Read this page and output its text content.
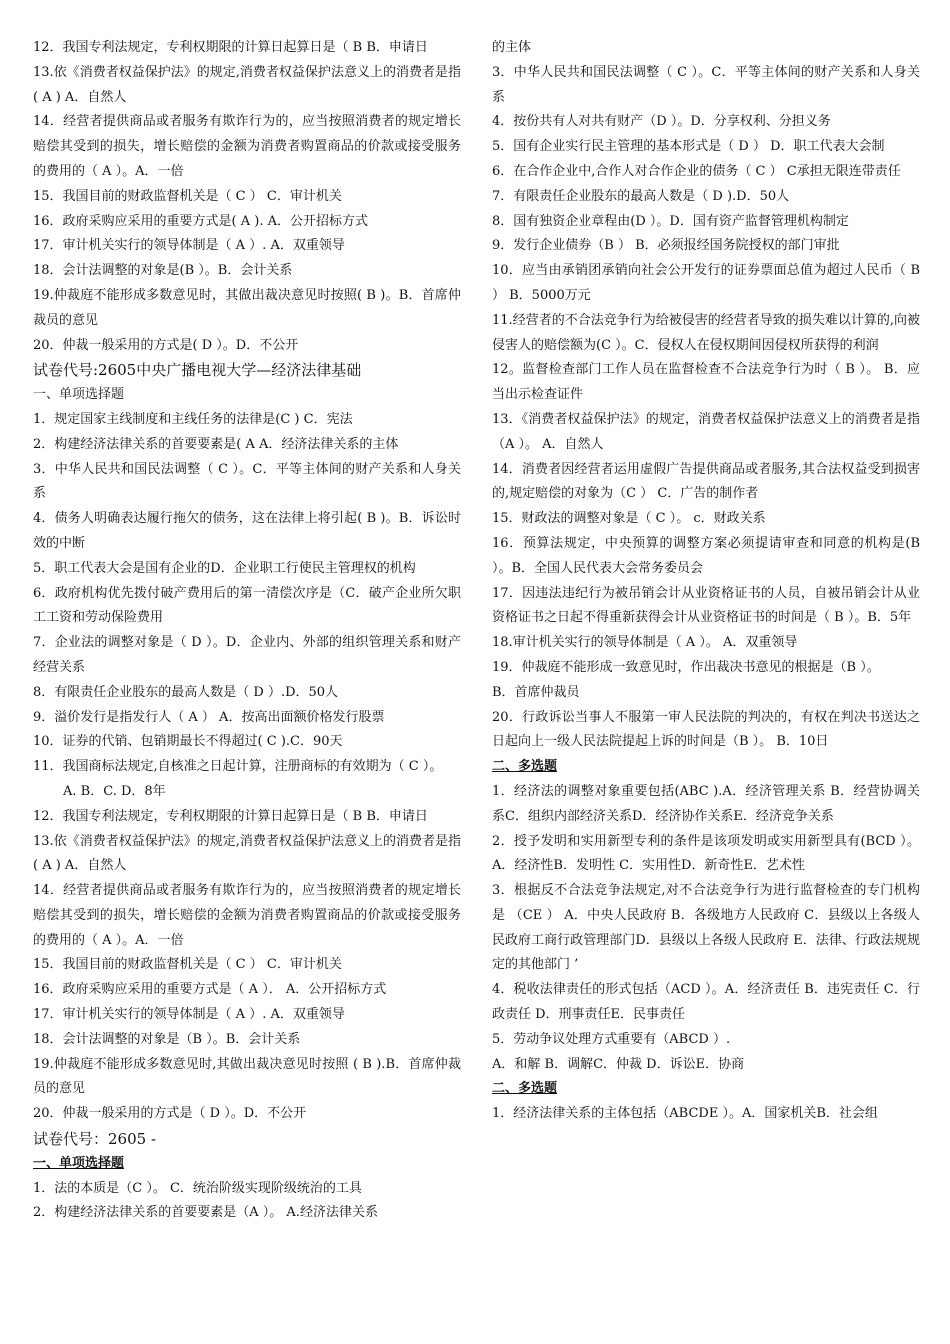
12．我国专利法规定，专利权期限的计算日起算日是（ B B．申请日

13.依《消费者权益保护法》的规定,消费者权益保护法意义上的消费者是指( A ) A．自然人

14．经营者提供商品或者服务有欺诈行为的，应当按照消费者的规定增长赔偿其受到的损失，增长赔偿的金额为消费者购置商品的价款或接受服务的费用的（ A ）。A．一倍

15．我国目前的财政监督机关是（ C ） C．审计机关

16．政府采购应采用的重要方式是( A ). A．公开招标方式

17．审计机关实行的领导体制是（ A ）. A．双重领导

18．会计法调整的对象是(B ）。B．会计关系

19.仲裁庭不能形成多数意见时，其做出裁决意见时按照( B )。B．首席仲裁员的意见

20．仲裁一般采用的方式是( D ）。D．不公开

试卷代号:2605中央广播电视大学—经济法律基础

一、单项选择题

1．规定国家主线制度和主线任务的法律是(C ) C．宪法

2．构建经济法律关系的首要要素是( A A．经济法律关系的主体

3．中华人民共和国民法调整（ C ）。C．平等主体间的财产关系和人身关系

4．债务人明确表达履行拖欠的债务，这在法律上将引起( B )。B．诉讼时效的中断

5．职工代表大会是国有企业的D．企业职工行使民主管理权的机构

6．政府机构优先拨付破产费用后的第一清偿次序是（C．破产企业所欠职工工资和劳动保险费用

7．企业法的调整对象是（ D ）。D．企业内、外部的组织管理关系和财产经营关系

8．有限责任企业股东的最高人数是（ D ）.D．50人

9．溢价发行是指发行人（ A ） A．按高出面额价格发行股票

10．证券的代销、包销期最长不得超过( C ).C．90天

11．我国商标法规定,自核准之日起计算，注册商标的有效期为（ C ）。

A. B．C. D．8年

12．我国专利法规定，专利权期限的计算日起算日是（ B B．申请日

13.依《消费者权益保护法》的规定,消费者权益保护法意义上的消费者是指( A ) A．自然人

14．经营者提供商品或者服务有欺诈行为的，应当按照消费者的规定增长赔偿其受到的损失，增长赔偿的金额为消费者购置商品的价款或接受服务的费用的（ A ）。A．一倍

15．我国目前的财政监督机关是（ C ） C．审计机关

16．政府采购应采用的重要方式是（ A ）． A．公开招标方式

17．审计机关实行的领导体制是（ A ）. A．双重领导

18．会计法调整的对象是（B ）。B．会计关系

19.仲裁庭不能形成多数意见时,其做出裁决意见时按照 ( B ).B．首席仲裁员的意见

20．仲裁一般采用的方式是（ D ）。D．不公开

试卷代号：2605 -

一、单项选择题

1．法的本质是（C ）。 C．统治阶级实现阶级统治的工具

2．构建经济法律关系的首要要素是（A ）。 A.经济法律关系

的主体

3．中华人民共和国民法调整（ C ）。C．平等主体间的财产关系和人身关系

4．按份共有人对共有财产（D ）。D．分享权利、分担义务

5．国有企业实行民主管理的基本形式是（ D ） D．职工代表大会制

6．在合作企业中,合作人对合作企业的债务（ C ） C承担无限连带责任

7．有限责任企业股东的最高人数是（ D ).D．50人

8．国有独资企业章程由(D ）。D．国有资产监督管理机构制定

9．发行企业债券（B ） B．必须报经国务院授权的部门审批

10．应当由承销团承销向社会公开发行的证券票面总值为超过人民币（ B ） B．5000万元

11.经营者的不合法竞争行为给被侵害的经营者导致的损失难以计算的,向被侵害人的赔偿额为(C ）。C．侵权人在侵权期间因侵权所获得的利润

12。监督检查部门工作人员在监督检查不合法竞争行为时（ B ）。 B．应当出示检查证件

13．《消费者权益保护法》的规定，消费者权益保护法意义上的消费者是指（A ）。 A．自然人

14．消费者因经营者运用虚假广告提供商品或者服务,其合法权益受到损害的,规定赔偿的对象为（C ） C．广告的制作者

15．财政法的调整对象是（ C ）。 c．财政关系

16．预算法规定，中央预算的调整方案必须提请审查和同意的机构是(B ）。B．全国人民代表大会常务委员会

17．因违法违纪行为被吊销会计从业资格证书的人员，自被吊销会计从业资格证书之日起不得重新获得会计从业资格证书的时间是（ B ）。B．5年

18.审计机关实行的领导体制是（ A ）。 A．双重领导

19．仲裁庭不能形成一致意见时，作出裁决书意见的根据是（B ）。

B．首席仲裁员

20．行政诉讼当事人不服第一审人民法院的判决的，有权在判决书送达之日起向上一级人民法院提起上诉的时间是（B ）。 B．10日

二、多选题

1．经济法的调整对象重要包括(ABC ).A．经济管理关系 B．经营协调关系C．组织内部经济关系D．经济协作关系E．经济竞争关系

2．授予发明和实用新型专利的条件是该项发明或实用新型具有(BCD ）。A．经济性B．发明性 C．实用性D．新奇性E．艺术性

3．根据反不合法竞争法规定,对不合法竞争行为进行监督检查的专门机构是 （CE ） A．中央人民政府 B．各级地方人民政府 C．县级以上各级人民政府工商行政管理部门D．县级以上各级人民政府 E．法律、行政法规规定的其他部门 ’

4．税收法律责任的形式包括（ACD ）。A．经济责任 B．违宪责任 C．行政责任 D．刑事责任E．民事责任

5．劳动争议处理方式重要有（ABCD ）.

A．和解 B．调解C．仲裁 D．诉讼E．协商

二、多选题

1．经济法律关系的主体包括（ABCDE ）。A．国家机关B．社会组
